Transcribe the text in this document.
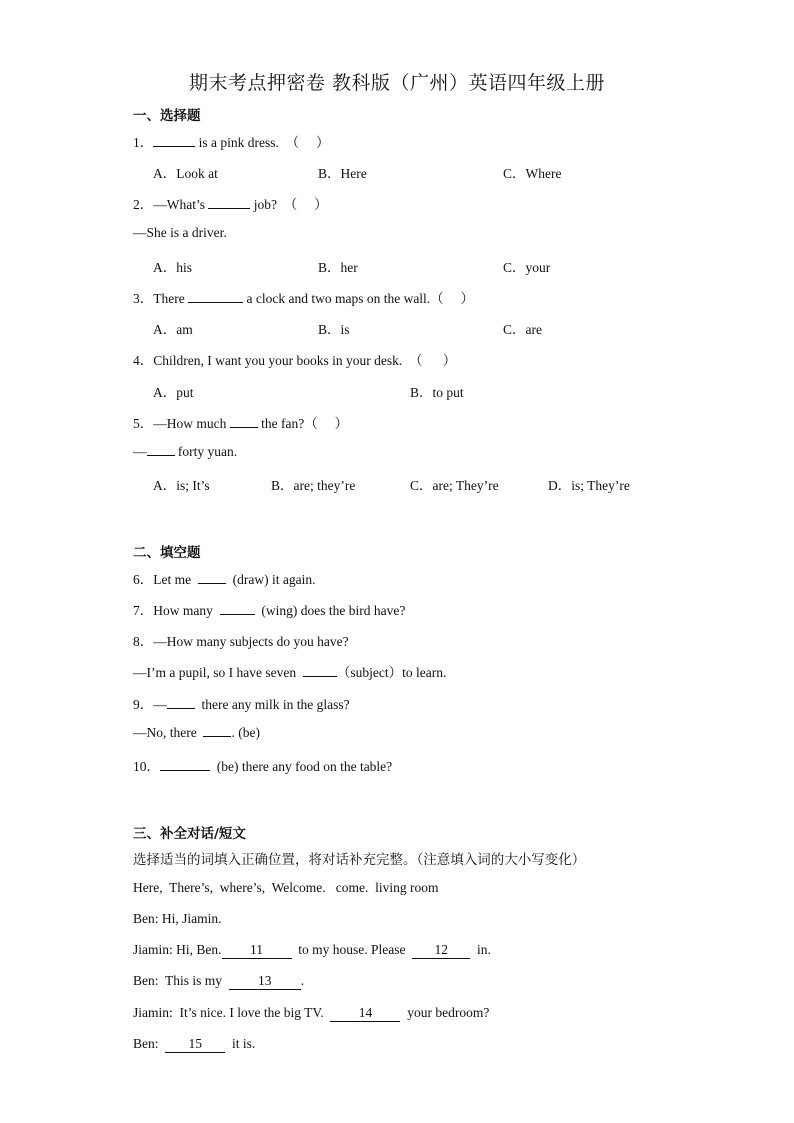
期末考点押密卷 教科版（广州）英语四年级上册
一、选择题
1．	is a pink dress.  （     ）
A．Look at	B．Here	C．Where
2．—What’s	job?  （     ）
—She is a driver.
A．his	B．her	C．your
3．There	a clock and two maps on the wall.（     ）
A．am	B．is	C．are
4．Children, I want you your books in your desk.  （      ）
A．put	B．to put
5．—How much  the fan?（     ）
— forty yuan.
A．is; It’s	B．are; they’re	C．are; They’re	D．is; They’re
二、填空题
6．Let me    (draw) it again.
7．How many	(wing) does the bird have?
8．—How many subjects do you have?
—I’m a pupil, so I have seven	（subject）to learn.
9．—  there any milk in the glass?
—No, there  . (be)
10．	(be) there any food on the table?
三、补全对话/短文
选择适当的词填入正确位置，将对话补充完整。（注意填入词的大小写变化）
Here,  There’s,  where’s,  Welcome.   come.  living room
Ben: Hi, Jiamin.
Jiamin: Hi, Ben. 11  to my house. Please  12  in.
Ben:  This is my  13 .
Jiamin:  It’s nice. I love the big TV.  14  your bedroom?
Ben: 15  it is.
